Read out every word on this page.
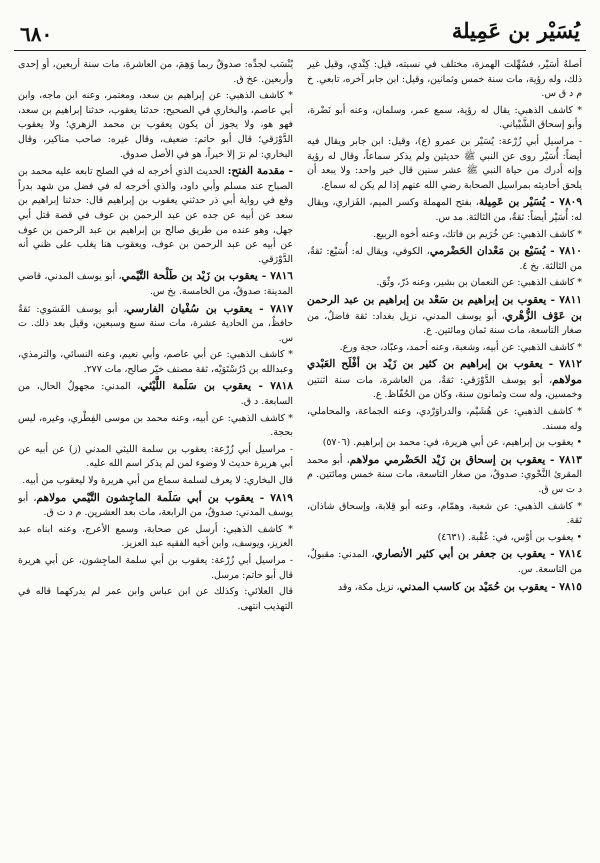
يُسَيْر بن عَمِيلة
٦٨٠

أصلهُ أُسَيْر، فسُهِّلت الهمزة، مختلف في نسبته، قيل: كِنْدي، وقيل غير ذلك، وله رؤية، مات سنة خمس وثمانين، وقيل: ابن جابر آخره، تابعي. خ م د ق س.

* كاشف الذهبي: يقال له رؤية، سمع عمر، وسلمان، وعنه أبو نَضْرة، وأبو إسحاق الشَّيْباني.

- مراسيل أبي زُرْعة: يُسَيْر بن عمرو (ع)، وقيل: ابن جابر ويقال فيه أيضاً: أُسَيْر روى عن النبي ﷺ حديثين ولم يذكر سماعاً، وقال له رؤية وإنه أدرك من حياة النبي ﷺ عشر سنين قال خير واحد: ولا يبعد أن يلحق أحاديثه بمراسيل الصحابة رضي الله عنهم إذا لم يكن له سماع.

٧٨٠٩ - يُسَيْر بن عَمِيلة، بفتح المهملة وكسر الميم، الفَزاري، ويقال له: أُسَيْر أيضاً: ثقةٌ، من الثالثة. مد س.

* كاشف الذهبي: عن خُرَيم بن فاتك، وعنه أخوه الربيع.

٧٨١٠ - يُسَيْع بن مَعْدان الحَضْرمي، الكوفي، ويقال له: أُسَيْع: ثقةٌ، من الثالثة. بخ ٤.

* كاشف الذهبي: عن النعمان بن بشير، وعنه ذَرّ، وثّق.

٧٨١١ - يعقوب بن إبراهيم بن سَعْد بن إبراهيم بن عبد الرحمن بن عَوْف الزُّهْري، أبو يوسف المدني، نزيل بغداد: ثقة فاضلٌ، من صغار التاسعة، مات سنة ثمان ومائتين. ع.

* كاشف الذهبي: عن أبيه، وشعبة، وعنه أحمد، وعبّاد، حجة ورع.

٧٨١٢ - يعقوب بن إبراهيم بن كثير بن زَيْد بن أفْلَح العَبْدي مولاهم، أبو يوسف الدَّوْرَقي: ثقةٌ، من العاشرة، مات سنة اثنتين وخمسين، وله ست وثمانون سنة، وكان من الحُفّاظ. ع.

* كاشف الذهبي: عن هُشَيْم، والدراوَرْدي، وعنه الجماعة، والمحاملي، وله مسند.

• يعقوب بن إبراهيم، عن أبي هريرة، في: محمد بن إبراهيم. (٥٧٠٦)

٧٨١٣ - يعقوب بن إسحاق بن زَيْد الحَضْرمي مولاهم، أبو محمد المقرئ النَّحْوي: صدوقٌ، من صغار التاسعة، مات سنة خمس ومائتين. م د ت س ق.

* كاشف الذهبي: عن شعبة، وهمّام، وعنه أبو قِلابة، وإسحاق شاذان، ثقة.

• يعقوب بن أوْس، في: عُقْبة. (٤٦٣١)

٧٨١٤ - يعقوب بن جعفر بن أبي كثير الأنصاري، المدني: مقبولٌ، من التاسعة. س.

٧٨١٥ - يعقوب بن حُمَيْد بن كاسب المدني، نزيل مكة، وقد

يُنْسَب لجدِّه: صدوقٌ ربما وَهِمَ، من العاشرة، مات سنة أربعين، أو إحدى وأربعين. عخ ق.

* كاشف الذهبي: عن إبراهيم بن سعد، ومعتمر، وعنه ابن ماجه، وابن أبي عاصم، والبخاري في الصحيح: حدثنا يعقوب، حدثنا إبراهيم بن سعد، فهو هو، ولا يجوز أن يكون يعقوب بن محمد الزهري؛ ولا يعقوب الدَّوْرَقي؛ قال أبو حاتم: ضعيف، وقال غيره: صاحب مناكير، وقال البخاري: لم نرَ إلا خيراً، هو في الأصل صدوق.

- مقدمة الفتح: الحديث الذي أخرجه له في الصلح تابعه عليه محمد بن الصباح عند مسلم وأبي داود، والذي أخرجه له في فضل من شهد بدراً وقع في رواية أبي ذر حدثني يعقوب بن إبراهيم قال: حدثنا إبراهيم بن سعد عن أبيه عن جده عن عبد الرحمن بن عوف في قصة قتل أبي جهل، وهو عنده من طريق صالح بن إبراهيم بن عبد الرحمن بن عوف عن أبيه عن عبد الرحمن بن عوف، ويعقوب هنا يغلب على ظني أنه الدَّوْرَقي.

٧٨١٦ - يعقوب بن زَيْد بن طَلْحة التَّيْمي، أبو يوسف المدني، قاضي المدينة: صدوقٌ، من الخامسة. بخ س.

٧٨١٧ - يعقوب بن سُفْيان الفارسي، أبو يوسف الفَسَوي: ثقةٌ حافظٌ، من الحادية عشرة، مات سنة سبع وسبعين، وقيل بعد ذلك. ت س.

* كاشف الذهبي: عن أبي عاصم، وأبي نعيم، وعنه النسائي، والترمذي، وعبدالله بن دُرُسْتَوَيْه، ثقة مصنف خيّر صالح، مات ٢٧٧.

٧٨١٨ - يعقوب بن سَلَمة اللَّيْثي، المدني: مجهولُ الحال، من السابعة. د ق.

* كاشف الذهبي: عن أبيه، وعنه محمد بن موسى الفِطْري، وغيره، ليس بحجة.

- مراسيل أبي زُرْعة: يعقوب بن سلمة الليثي المدني (ز) عن أبيه عن أبي هريرة حديث لا وضوء لمن لم يذكر اسم الله عليه.

قال البخاري: لا يعرف لسلمة سماع من أبي هريرة ولا ليعقوب من أبيه.

٧٨١٩ - يعقوب بن أبي سَلَمة الماجِشون التَّيْمي مولاهم، أبو يوسف المدني: صدوقٌ، من الرابعة، مات بعد العشرين. م د ت ق.

* كاشف الذهبي: أرسل عن صحابة، وسمع الأعرج، وعنه ابناه عبد العزيز، ويوسف، وابن أخيه الفقيه عبد العزيز.

- مراسيل أبي زُرْعة: يعقوب بن أبي سلمة الماجِشون، عن أبي هريرة قال أبو حاتم: مرسل.

قال العلائي: وكذلك عن ابن عباس وابن عمر لم يدركهما قاله في التهذيب انتهى.
